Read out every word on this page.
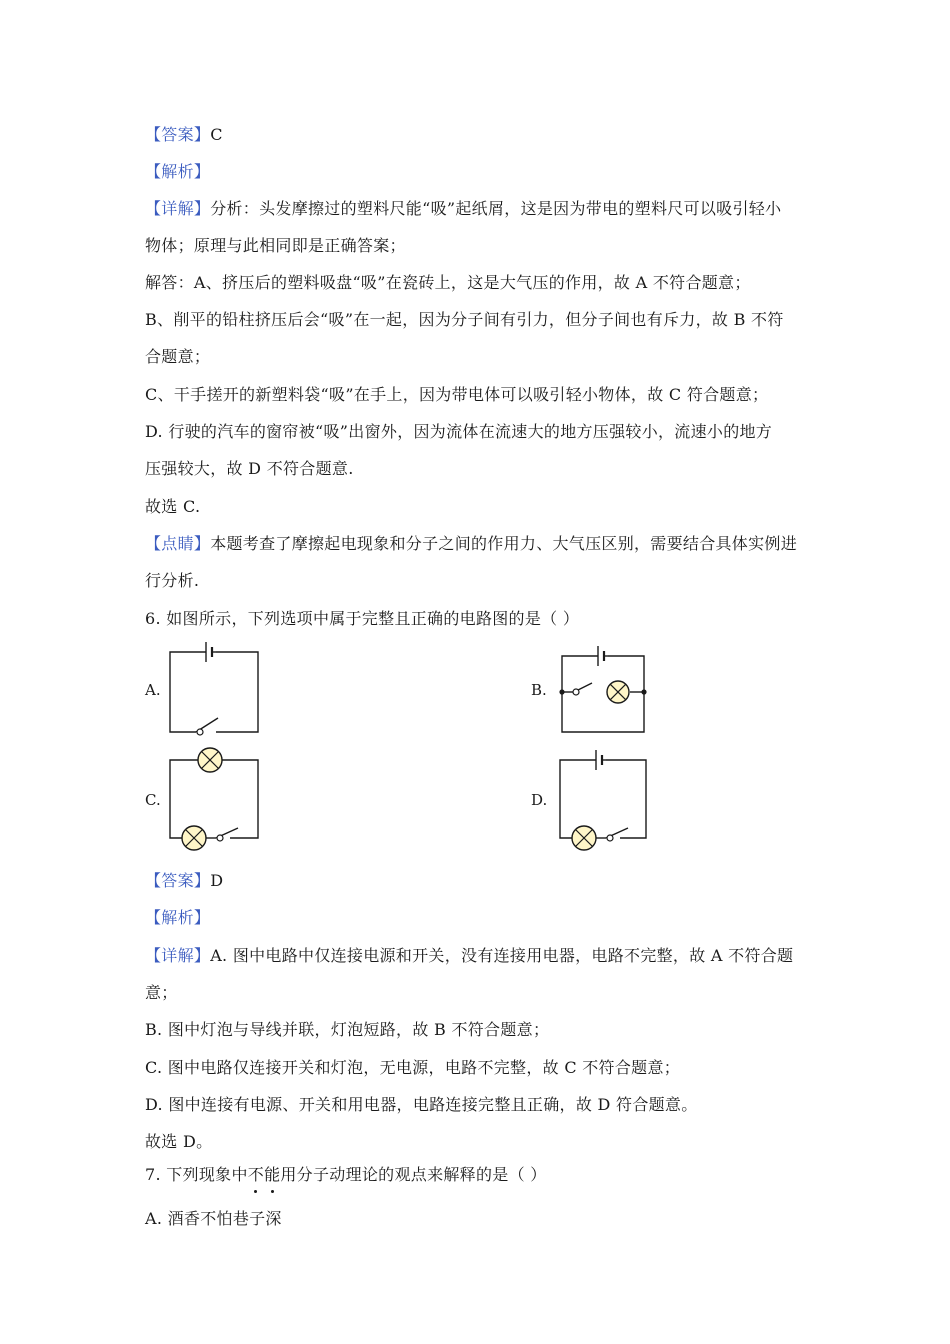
【答案】C
【解析】
【详解】分析：头发摩擦过的塑料尺能“吸”起纸屑，这是因为带电的塑料尺可以吸引轻小
物体；原理与此相同即是正确答案；
解答：A、挤压后的塑料吸盘“吸”在瓷砖上，这是大气压的作用，故 A 不符合题意；
B、削平的铅柱挤压后会“吸”在一起，因为分子间有引力，但分子间也有斥力，故 B 不符
合题意；
C、干手搓开的新塑料袋“吸”在手上，因为带电体可以吸引轻小物体，故 C 符合题意；
D. 行驶的汽车的窗帘被“吸”出窗外，因为流体在流速大的地方压强较小，流速小的地方
压强较大，故 D 不符合题意.
故选 C.
【点睛】本题考查了摩擦起电现象和分子之间的作用力、大气压区别，需要结合具体实例进
行分析.
6. 如图所示，下列选项中属于完整且正确的电路图的是（ ）
A.	B.
C.	D.
【答案】D
【解析】
【详解】A. 图中电路中仅连接电源和开关，没有连接用电器，电路不完整，故 A 不符合题
意；
B. 图中灯泡与导线并联，灯泡短路，故 B 不符合题意；
C. 图中电路仅连接开关和灯泡，无电源，电路不完整，故 C 不符合题意；
D. 图中连接有电源、开关和用电器，电路连接完整且正确，故 D 符合题意。
故选 D。
7. 下列现象中不能
用分子动理论的观点来解释的是（ ）
A. 酒香不怕巷子深
